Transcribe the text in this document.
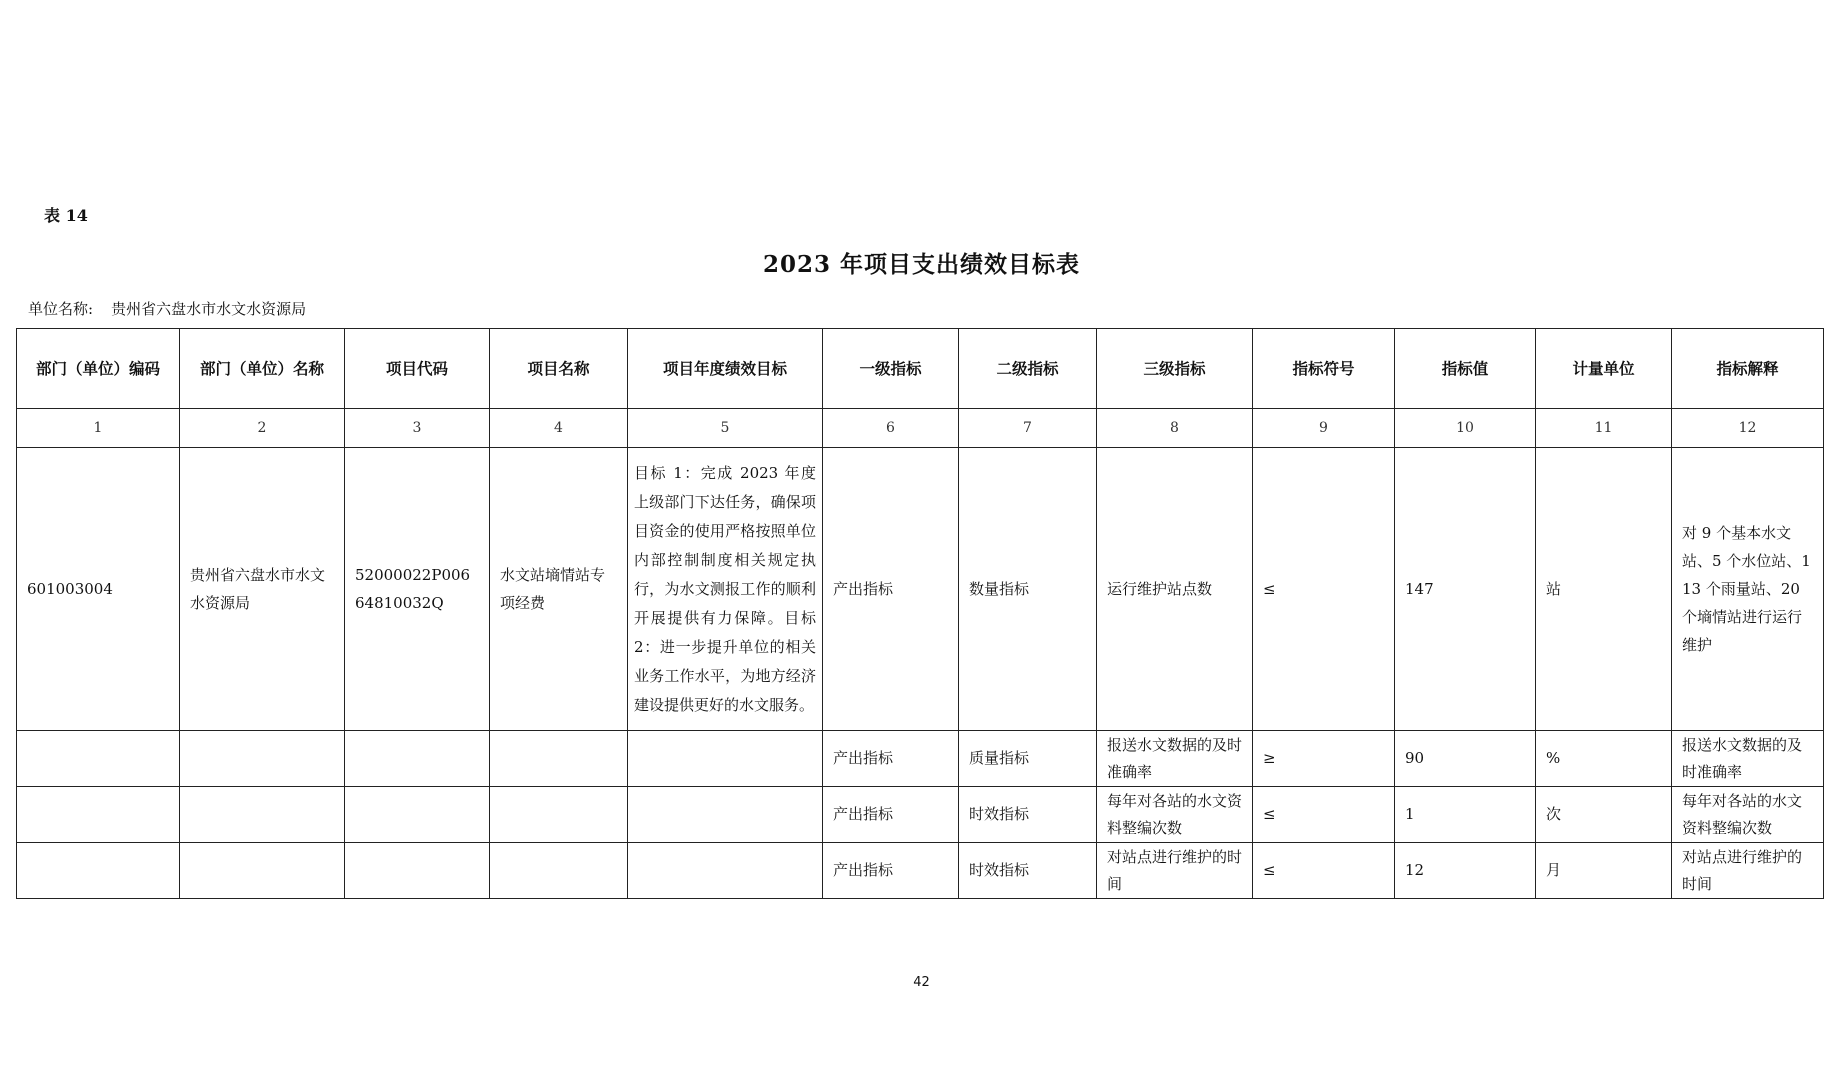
表 14
2023 年项目支出绩效目标表
单位名称: 贵州省六盘水市水文水资源局
部门（单位）编码	部门（单位）名称	项目代码	项目名称	项目年度绩效目标	一级指标	二级指标	三级指标	指标符号	指标值	计量单位	指标解释
1	2	3	4	5	6	7	8	9	10	11	12
601003004	贵州省六盘水市水文水资源局	52000022P00664810032Q	水文站墒情站专项经费	目标 1：完成 2023 年度上级部门下达任务，确保项目资金的使用严格按照单位内部控制制度相关规定执行，为水文测报工作的顺利开展提供有力保障。目标 2：进一步提升单位的相关业务工作水平，为地方经济建设提供更好的水文服务。	产出指标	数量指标	运行维护站点数	≤	147	站	对 9 个基本水文站、5 个水位站、113 个雨量站、20 个墒情站进行运行维护
					产出指标	质量指标	报送水文数据的及时准确率	≥	90	%	报送水文数据的及时准确率
					产出指标	时效指标	每年对各站的水文资料整编次数	≤	1	次	每年对各站的水文资料整编次数
					产出指标	时效指标	对站点进行维护的时间	≤	12	月	对站点进行维护的时间
42
